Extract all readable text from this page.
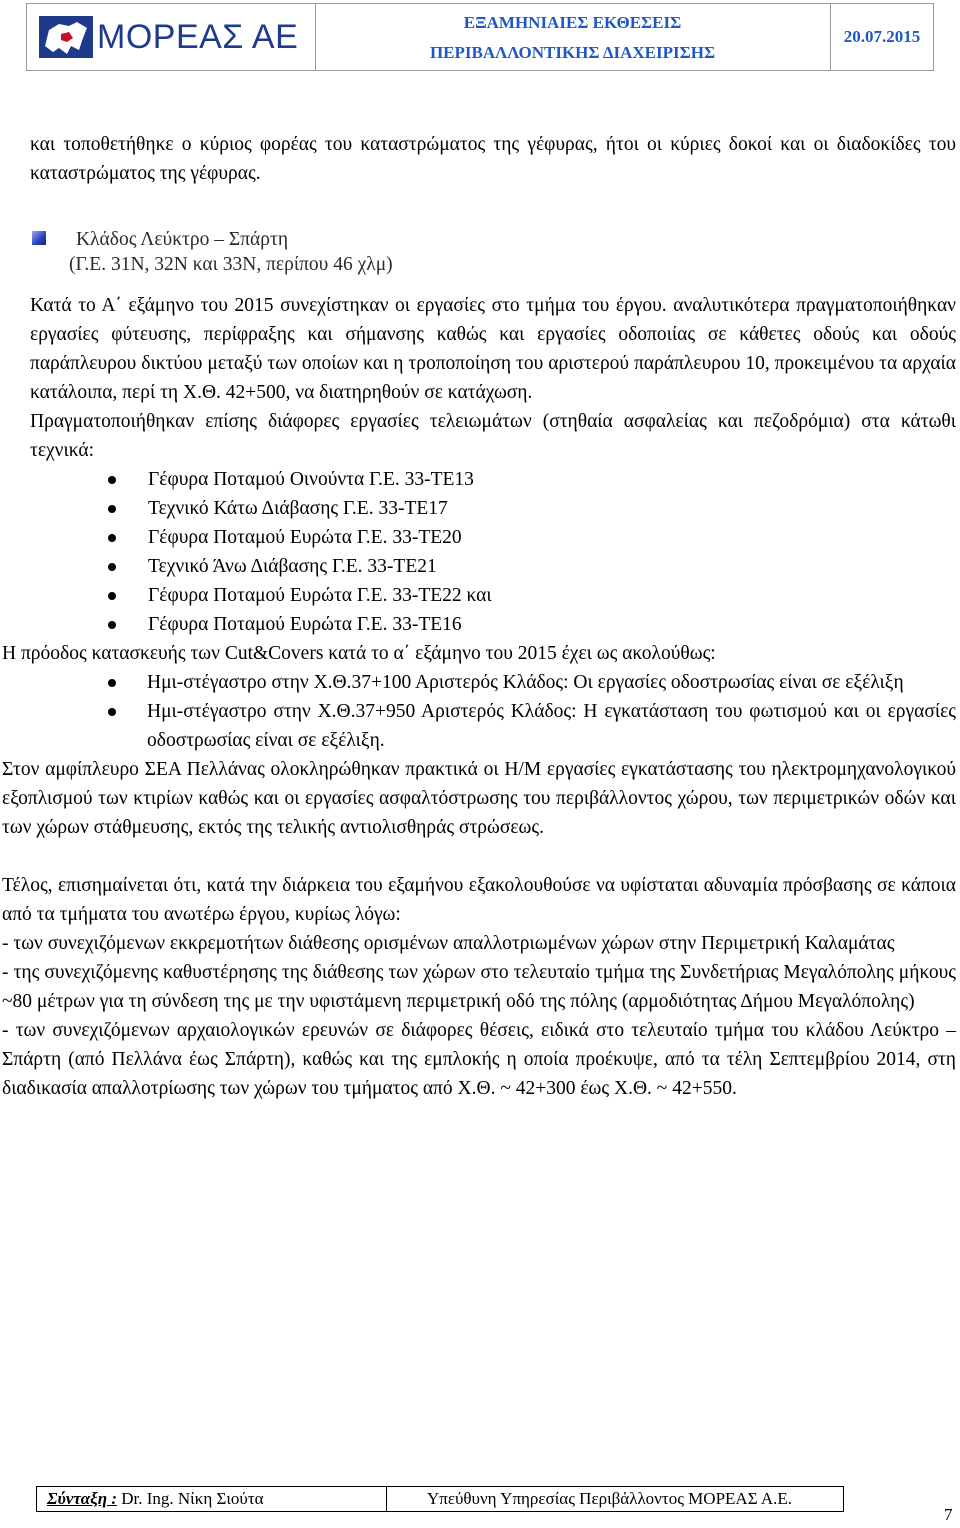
ΜΟΡΕΑΣ ΑΕ	ΕΞΑΜΗΝΙΑΙΕΣ ΕΚΘΕΣΕΙΣ
ΠΕΡΙΒΑΛΛΟΝΤΙΚΗΣ ΔΙΑΧΕΙΡΙΣΗΣ
20.07.2015

και τοποθετήθηκε ο κύριος φορέας του καταστρώματος της γέφυρας, ήτοι οι κύριες δοκοί και οι διαδοκίδες του καταστρώματος της γέφυρας.

Κλάδος Λεύκτρο – Σπάρτη
(Γ.Ε. 31Ν, 32Ν και 33Ν, περίπου 46 χλμ)

Κατά το Α΄ εξάμηνο του 2015 συνεχίστηκαν οι εργασίες στο τμήμα του έργου. αναλυτικότερα πραγματοποιήθηκαν εργασίες φύτευσης, περίφραξης και σήμανσης καθώς και εργασίες οδοποιίας σε κάθετες οδούς και οδούς παράπλευρου δικτύου μεταξύ των οποίων και η τροποποίηση του αριστερού παράπλευρου 10, προκειμένου τα αρχαία κατάλοιπα, περί τη Χ.Θ. 42+500, να διατηρηθούν σε κατάχωση.

Πραγματοποιήθηκαν επίσης διάφορες εργασίες τελειωμάτων (στηθαία ασφαλείας και πεζοδρόμια) στα κάτωθι τεχνικά:

Γέφυρα Ποταμού Οινούντα Γ.Ε. 33-ΤΕ13
Τεχνικό Κάτω Διάβασης Γ.Ε. 33-ΤΕ17
Γέφυρα Ποταμού Ευρώτα Γ.Ε. 33-ΤΕ20
Τεχνικό Άνω Διάβασης Γ.Ε. 33-ΤΕ21
Γέφυρα Ποταμού Ευρώτα Γ.Ε. 33-ΤΕ22 και
Γέφυρα Ποταμού Ευρώτα Γ.Ε. 33-ΤΕ16

Η πρόοδος κατασκευής των Cut&Covers κατά το α΄ εξάμηνο του 2015 έχει ως ακολούθως:

Ημι-στέγαστρο στην Χ.Θ.37+100 Αριστερός Κλάδος: Οι εργασίες οδοστρωσίας είναι σε εξέλιξη
Ημι-στέγαστρο στην Χ.Θ.37+950 Αριστερός Κλάδος: Η εγκατάσταση του φωτισμού και οι εργασίες οδοστρωσίας είναι σε εξέλιξη.

Στον αμφίπλευρο ΣΕΑ Πελλάνας ολοκληρώθηκαν πρακτικά οι Η/Μ εργασίες εγκατάστασης του ηλεκτρομηχανολογικού εξοπλισμού των κτιρίων καθώς και οι εργασίες ασφαλτόστρωσης του περιβάλλοντος χώρου, των περιμετρικών οδών και των χώρων στάθμευσης, εκτός της τελικής αντιολισθηράς στρώσεως.

Τέλος, επισημαίνεται ότι, κατά την διάρκεια του εξαμήνου εξακολουθούσε να υφίσταται αδυναμία πρόσβασης σε κάποια από τα τμήματα του ανωτέρω έργου, κυρίως λόγω:

- των συνεχιζόμενων εκκρεμοτήτων διάθεσης ορισμένων απαλλοτριωμένων χώρων στην Περιμετρική Καλαμάτας

- της συνεχιζόμενης καθυστέρησης της διάθεσης των χώρων στο τελευταίο τμήμα της Συνδετήριας Μεγαλόπολης μήκους ~80 μέτρων για τη σύνδεση της με την υφιστάμενη περιμετρική οδό της πόλης (αρμοδιότητας Δήμου Μεγαλόπολης)

- των συνεχιζόμενων αρχαιολογικών ερευνών σε διάφορες θέσεις, ειδικά στο τελευταίο τμήμα του κλάδου Λεύκτρο – Σπάρτη (από Πελλάνα έως Σπάρτη), καθώς και της εμπλοκής η οποία προέκυψε, από τα τέλη Σεπτεμβρίου 2014, στη διαδικασία απαλλοτρίωσης των χώρων του τμήματος από Χ.Θ. ~ 42+300 έως Χ.Θ. ~ 42+550.

Σύνταξη : Dr. Ing. Νίκη Σιούτα	Υπεύθυνη Υπηρεσίας Περιβάλλοντος ΜΟΡΕΑΣ Α.Ε.
7
